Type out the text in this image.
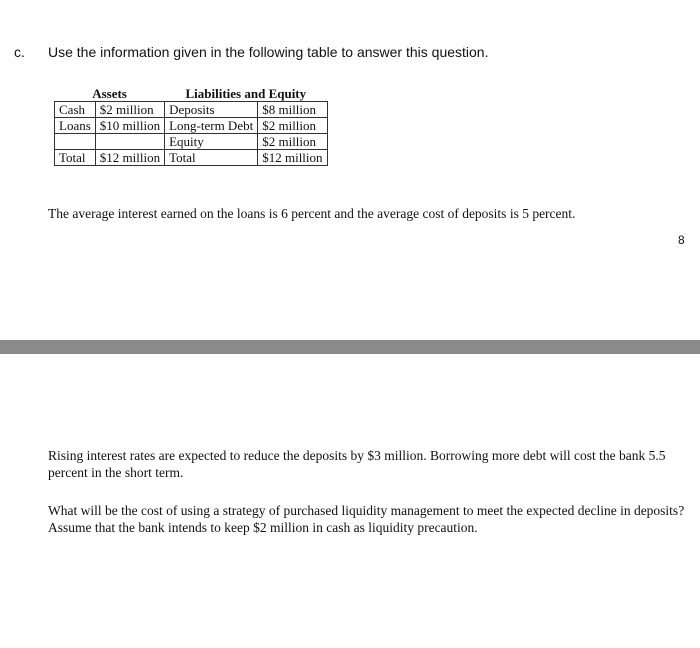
c. Use the information given in the following table to answer this question.
Assets		Liabilities and Equity	
Cash	$2 million	Deposits	$8 million
Loans	$10 million	Long-term Debt	$2 million
		Equity	$2 million
Total	$12 million	Total	$12 million
The average interest earned on the loans is 6 percent and the average cost of deposits is 5 percent.
8
Rising interest rates are expected to reduce the deposits by $3 million. Borrowing more debt will cost the bank 5.5 percent in the short term.
What will be the cost of using a strategy of purchased liquidity management to meet the expected decline in deposits? Assume that the bank intends to keep $2 million in cash as liquidity precaution.
